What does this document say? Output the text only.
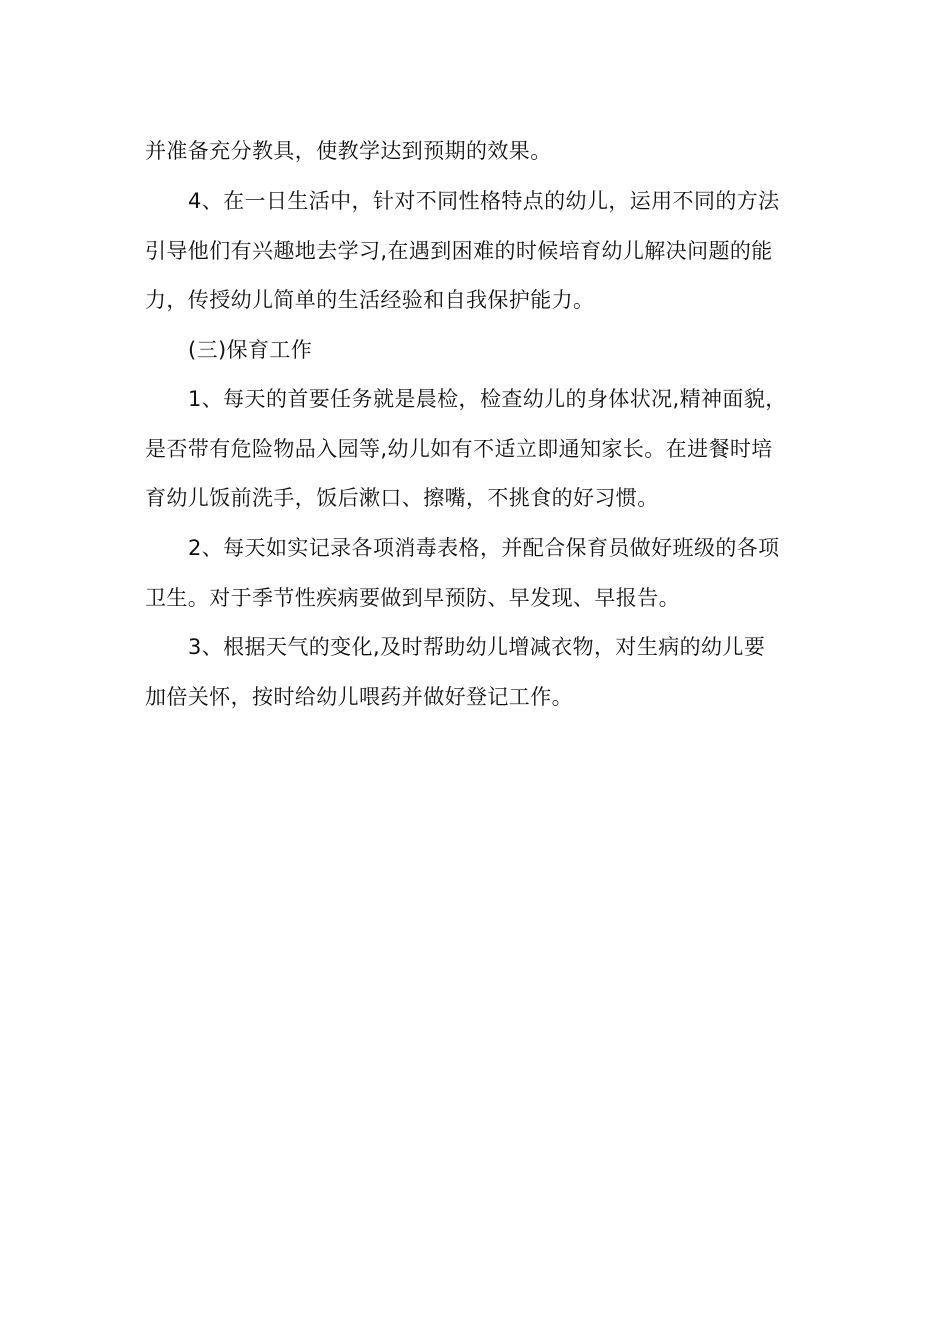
并准备充分教具，使教学达到预期的效果。
4、在一日生活中，针对不同性格特点的幼儿，运用不同的方法
引导他们有兴趣地去学习,在遇到困难的时候培育幼儿解决问题的能
力，传授幼儿简单的生活经验和自我保护能力。
(三)保育工作
1、每天的首要任务就是晨检，检查幼儿的身体状况,精神面貌，
是否带有危险物品入园等,幼儿如有不适立即通知家长。在进餐时培
育幼儿饭前洗手，饭后漱口、擦嘴，不挑食的好习惯。
2、每天如实记录各项消毒表格，并配合保育员做好班级的各项
卫生。对于季节性疾病要做到早预防、早发现、早报告。
3、根据天气的变化,及时帮助幼儿增减衣物，对生病的幼儿要
加倍关怀，按时给幼儿喂药并做好登记工作。
